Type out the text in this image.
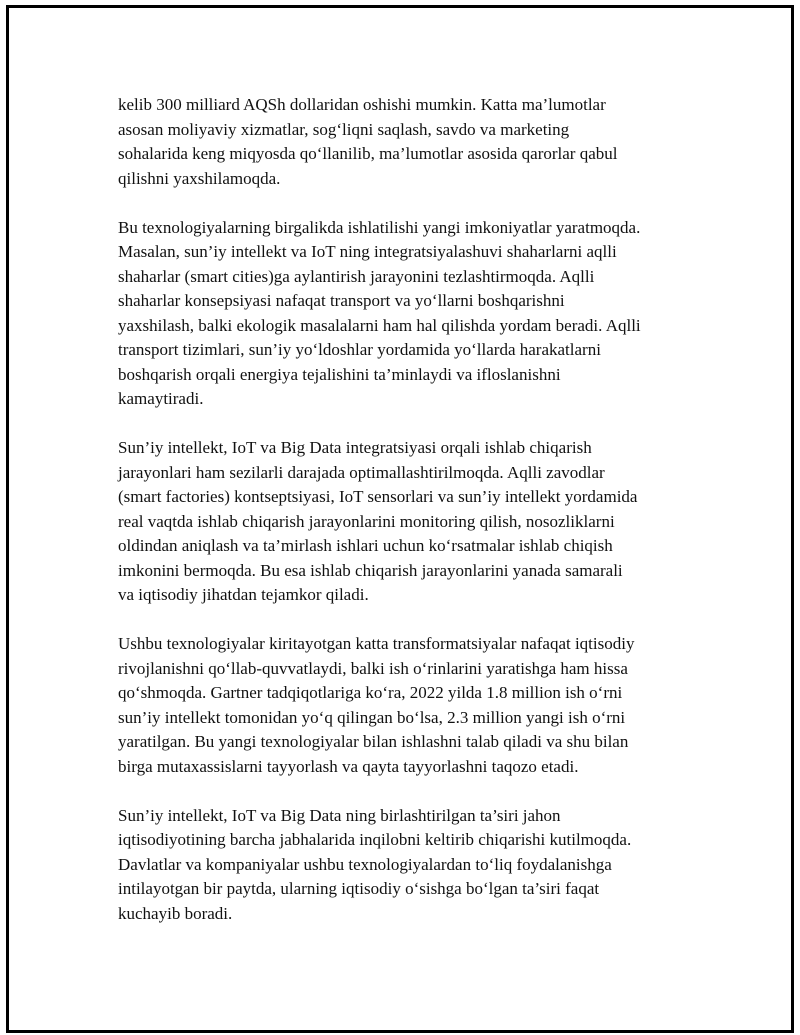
kelib 300 milliard AQSh dollaridan oshishi mumkin. Katta ma’lumotlar
asosan moliyaviy xizmatlar, sog‘liqni saqlash, savdo va marketing
sohalarida keng miqyosda qo‘llanilib, ma’lumotlar asosida qarorlar qabul
qilishni yaxshilamoqda.

Bu texnologiyalarning birgalikda ishlatilishi yangi imkoniyatlar yaratmoqda.
Masalan, sun’iy intellekt va IoT ning integratsiyalashuvi shaharlarni aqlli
shaharlar (smart cities)ga aylantirish jarayonini tezlashtirmoqda. Aqlli
shaharlar konsepsiyasi nafaqat transport va yo‘llarni boshqarishni
yaxshilash, balki ekologik masalalarni ham hal qilishda yordam beradi. Aqlli
transport tizimlari, sun’iy yo‘ldoshlar yordamida yo‘llarda harakatlarni
boshqarish orqali energiya tejalishini ta’minlaydi va ifloslanishni
kamaytiradi.

Sun’iy intellekt, IoT va Big Data integratsiyasi orqali ishlab chiqarish
jarayonlari ham sezilarli darajada optimallashtirilmoqda. Aqlli zavodlar
(smart factories) kontseptsiyasi, IoT sensorlari va sun’iy intellekt yordamida
real vaqtda ishlab chiqarish jarayonlarini monitoring qilish, nosozliklarni
oldindan aniqlash va ta’mirlash ishlari uchun ko‘rsatmalar ishlab chiqish
imkonini bermoqda. Bu esa ishlab chiqarish jarayonlarini yanada samarali
va iqtisodiy jihatdan tejamkor qiladi.

Ushbu texnologiyalar kiritayotgan katta transformatsiyalar nafaqat iqtisodiy
rivojlanishni qo‘llab-quvvatlaydi, balki ish o‘rinlarini yaratishga ham hissa
qo‘shmoqda. Gartner tadqiqotlariga ko‘ra, 2022 yilda 1.8 million ish o‘rni
sun’iy intellekt tomonidan yo‘q qilingan bo‘lsa, 2.3 million yangi ish o‘rni
yaratilgan. Bu yangi texnologiyalar bilan ishlashni talab qiladi va shu bilan
birga mutaxassislarni tayyorlash va qayta tayyorlashni taqozo etadi.

Sun’iy intellekt, IoT va Big Data ning birlashtirilgan ta’siri jahon
iqtisodiyotining barcha jabhalarida inqilobni keltirib chiqarishi kutilmoqda.
Davlatlar va kompaniyalar ushbu texnologiyalardan to‘liq foydalanishga
intilayotgan bir paytda, ularning iqtisodiy o‘sishga bo‘lgan ta’siri faqat
kuchayib boradi.
